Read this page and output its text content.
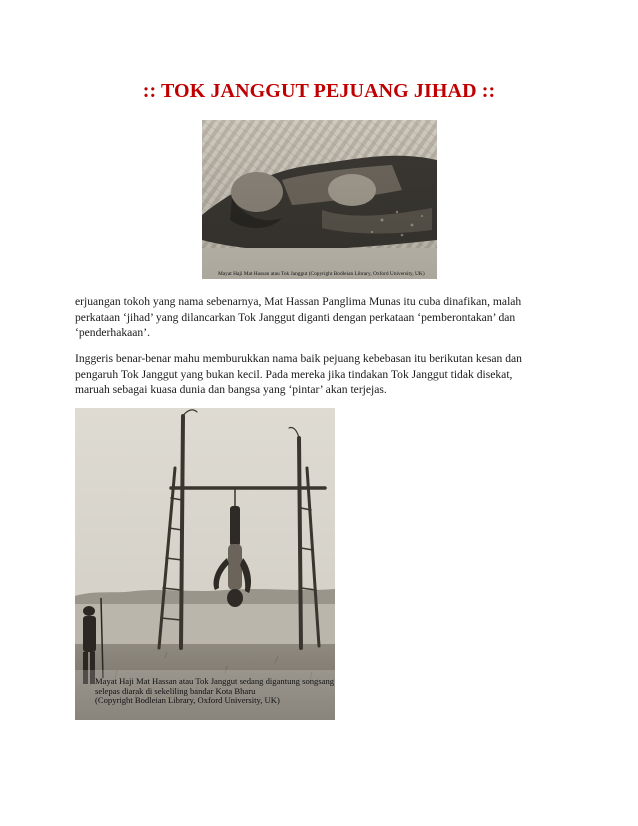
:: TOK JANGGUT PEJUANG JIHAD ::
Mayat Haji Mat Hassan atau Tok Janggut (Copyright Bodleian Library, Oxford University, UK)
erjuangan tokoh yang nama sebenarnya, Mat Hassan Panglima Munas itu cuba dinafikan, malah
perkataan ‘jihad’ yang dilancarkan Tok Janggut diganti dengan perkataan ‘pemberontakan’ dan
‘penderhakaan’.
Inggeris benar-benar mahu memburukkan nama baik pejuang kebebasan itu berikutan kesan dan
pengaruh Tok Janggut yang bukan kecil. Pada mereka jika tindakan Tok Janggut tidak disekat,
maruah sebagai kuasa dunia dan bangsa yang ‘pintar’ akan terjejas.
Mayat Haji Mat Hassan atau Tok Janggut sedang digantung songsang
selepas diarak di sekeliling bandar Kota Bharu
(Copyright Bodleian Library, Oxford University, UK)
